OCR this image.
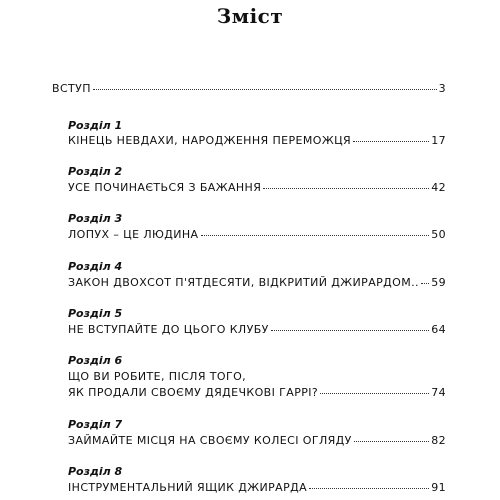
Зміст
ВСТУП	3
Розділ 1
КІНЕЦЬ НЕВДАХИ, НАРОДЖЕННЯ ПЕРЕМОЖЦЯ	17
Розділ 2
УСЕ ПОЧИНАЄТЬСЯ З БАЖАННЯ	42
Розділ 3
ЛОПУХ – ЦЕ ЛЮДИНА	50
Розділ 4
ЗАКОН ДВОХСОТ П'ЯТДЕСЯТИ, ВІДКРИТИЙ ДЖИРАРДОМ.. 59
Розділ 5
НЕ ВСТУПАЙТЕ ДО ЦЬОГО КЛУБУ	64
Розділ 6
ЩО ВИ РОБИТЕ, ПІСЛЯ ТОГО,
ЯК ПРОДАЛИ СВОЄМУ ДЯДЕЧКОВІ ГАРРІ?	74
Розділ 7
ЗАЙМАЙТЕ МІСЦЯ НА СВОЄМУ КОЛЕСІ ОГЛЯДУ	82
Розділ 8
ІНСТРУМЕНТАЛЬНИЙ ЯЩИК ДЖИРАРДА	91
